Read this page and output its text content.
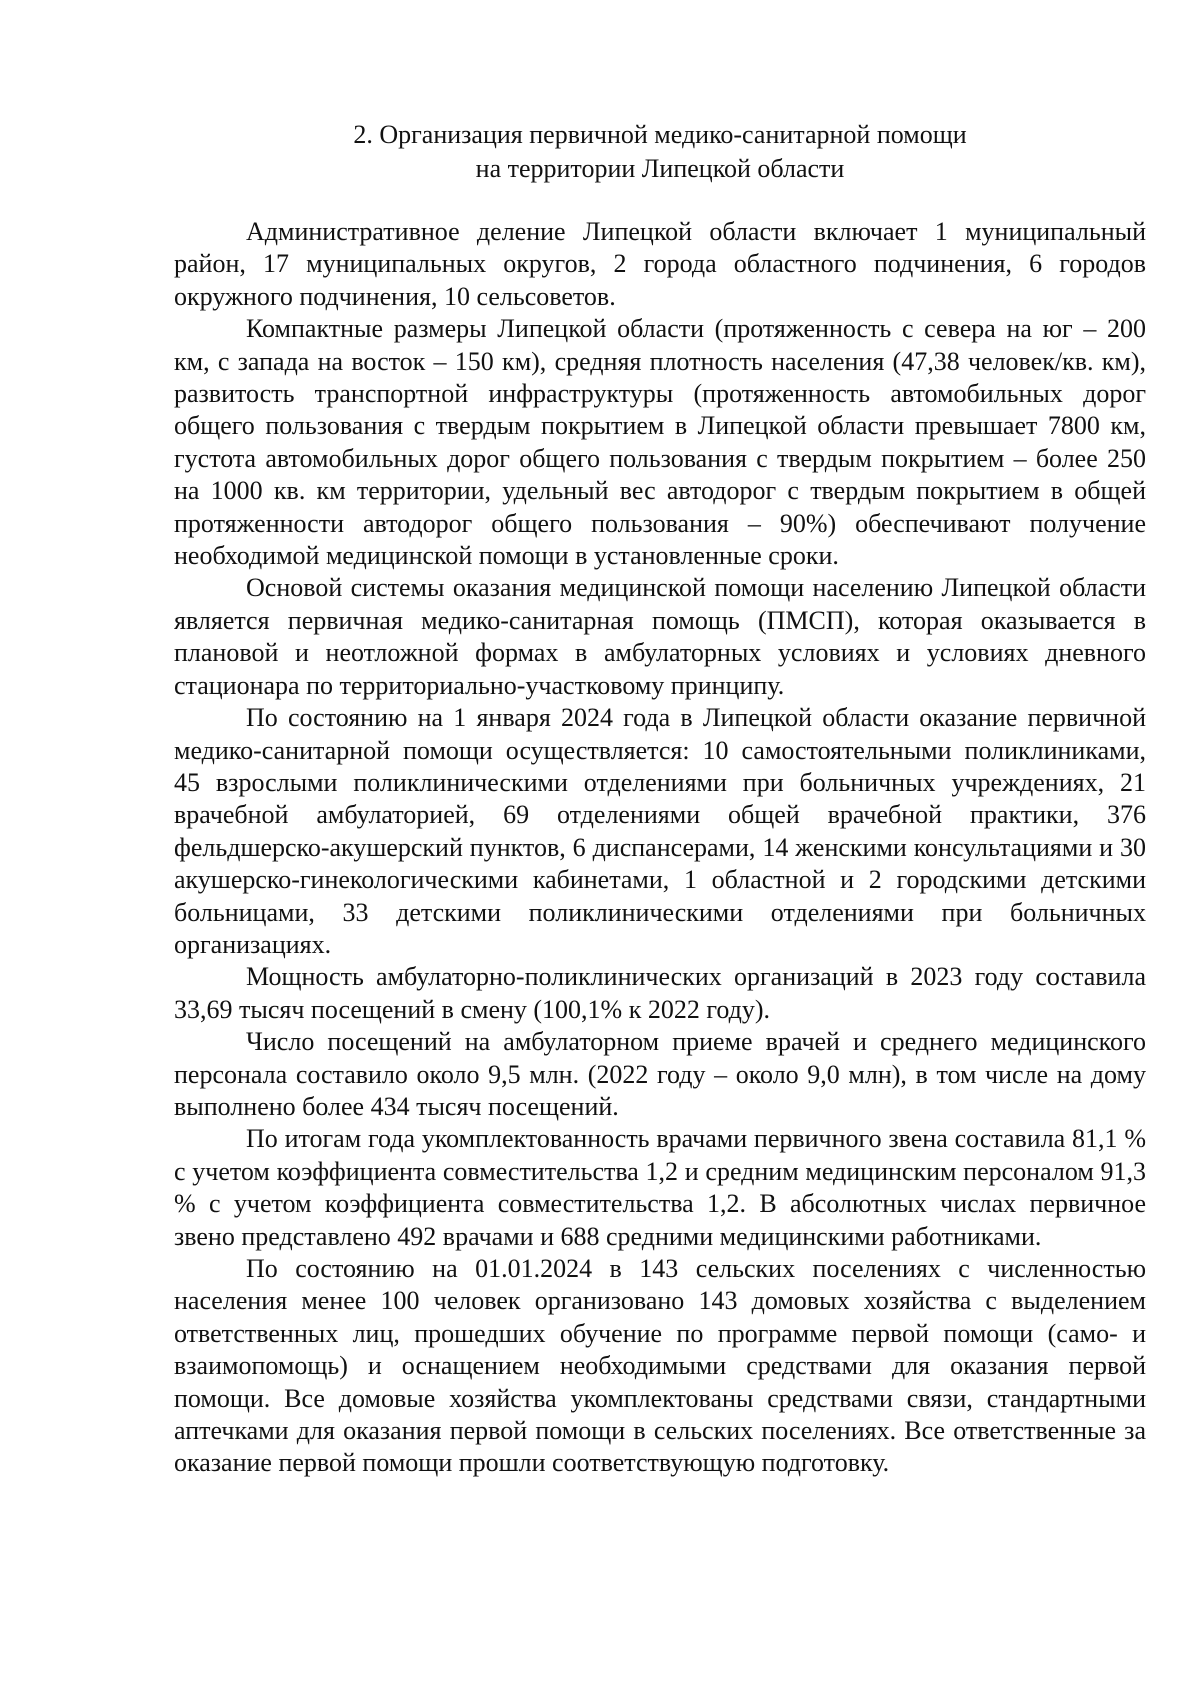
2. Организация первичной медико-санитарной помощи
на территории Липецкой области

Административное деление Липецкой области включает 1 муниципальный район, 17 муниципальных округов, 2 города областного подчинения, 6 городов окружного подчинения, 10 сельсоветов.

Компактные размеры Липецкой области (протяженность с севера на юг – 200 км, с запада на восток – 150 км), средняя плотность населения (47,38 человек/кв. км), развитость транспортной инфраструктуры (протяженность автомобильных дорог общего пользования с твердым покрытием в Липецкой области превышает 7800 км, густота автомобильных дорог общего пользования с твердым покрытием – более 250 на 1000 кв. км территории, удельный вес автодорог с твердым покрытием в общей протяженности автодорог общего пользования – 90%) обеспечивают получение необходимой медицинской помощи в установленные сроки.

Основой системы оказания медицинской помощи населению Липецкой области является первичная медико-санитарная помощь (ПМСП), которая оказывается в плановой и неотложной формах в амбулаторных условиях и условиях дневного стационара по территориально-участковому принципу.

По состоянию на 1 января 2024 года в Липецкой области оказание первичной медико-санитарной помощи осуществляется: 10 самостоятельными поликлиниками, 45 взрослыми поликлиническими отделениями при больничных учреждениях, 21 врачебной амбулаторией, 69 отделениями общей врачебной практики, 376 фельдшерско-акушерский пунктов, 6 диспансерами, 14 женскими консультациями и 30 акушерско-гинекологическими кабинетами, 1 областной и 2 городскими детскими больницами, 33 детскими поликлиническими отделениями при больничных организациях.

Мощность амбулаторно-поликлинических организаций в 2023 году составила 33,69 тысяч посещений в смену (100,1% к 2022 году).

Число посещений на амбулаторном приеме врачей и среднего медицинского персонала составило около 9,5 млн. (2022 году – около 9,0 млн), в том числе на дому выполнено более 434 тысяч посещений.

По итогам года укомплектованность врачами первичного звена составила 81,1 % с учетом коэффициента совместительства 1,2 и средним медицинским персоналом 91,3 % с учетом коэффициента совместительства 1,2. В абсолютных числах первичное звено представлено 492 врачами и 688 средними медицинскими работниками.

По состоянию на 01.01.2024 в 143 сельских поселениях с численностью населения менее 100 человек организовано 143 домовых хозяйства с выделением ответственных лиц, прошедших обучение по программе первой помощи (само- и взаимопомощь) и оснащением необходимыми средствами для оказания первой помощи. Все домовые хозяйства укомплектованы средствами связи, стандартными аптечками для оказания первой помощи в сельских поселениях. Все ответственные за оказание первой помощи прошли соответствующую подготовку.
